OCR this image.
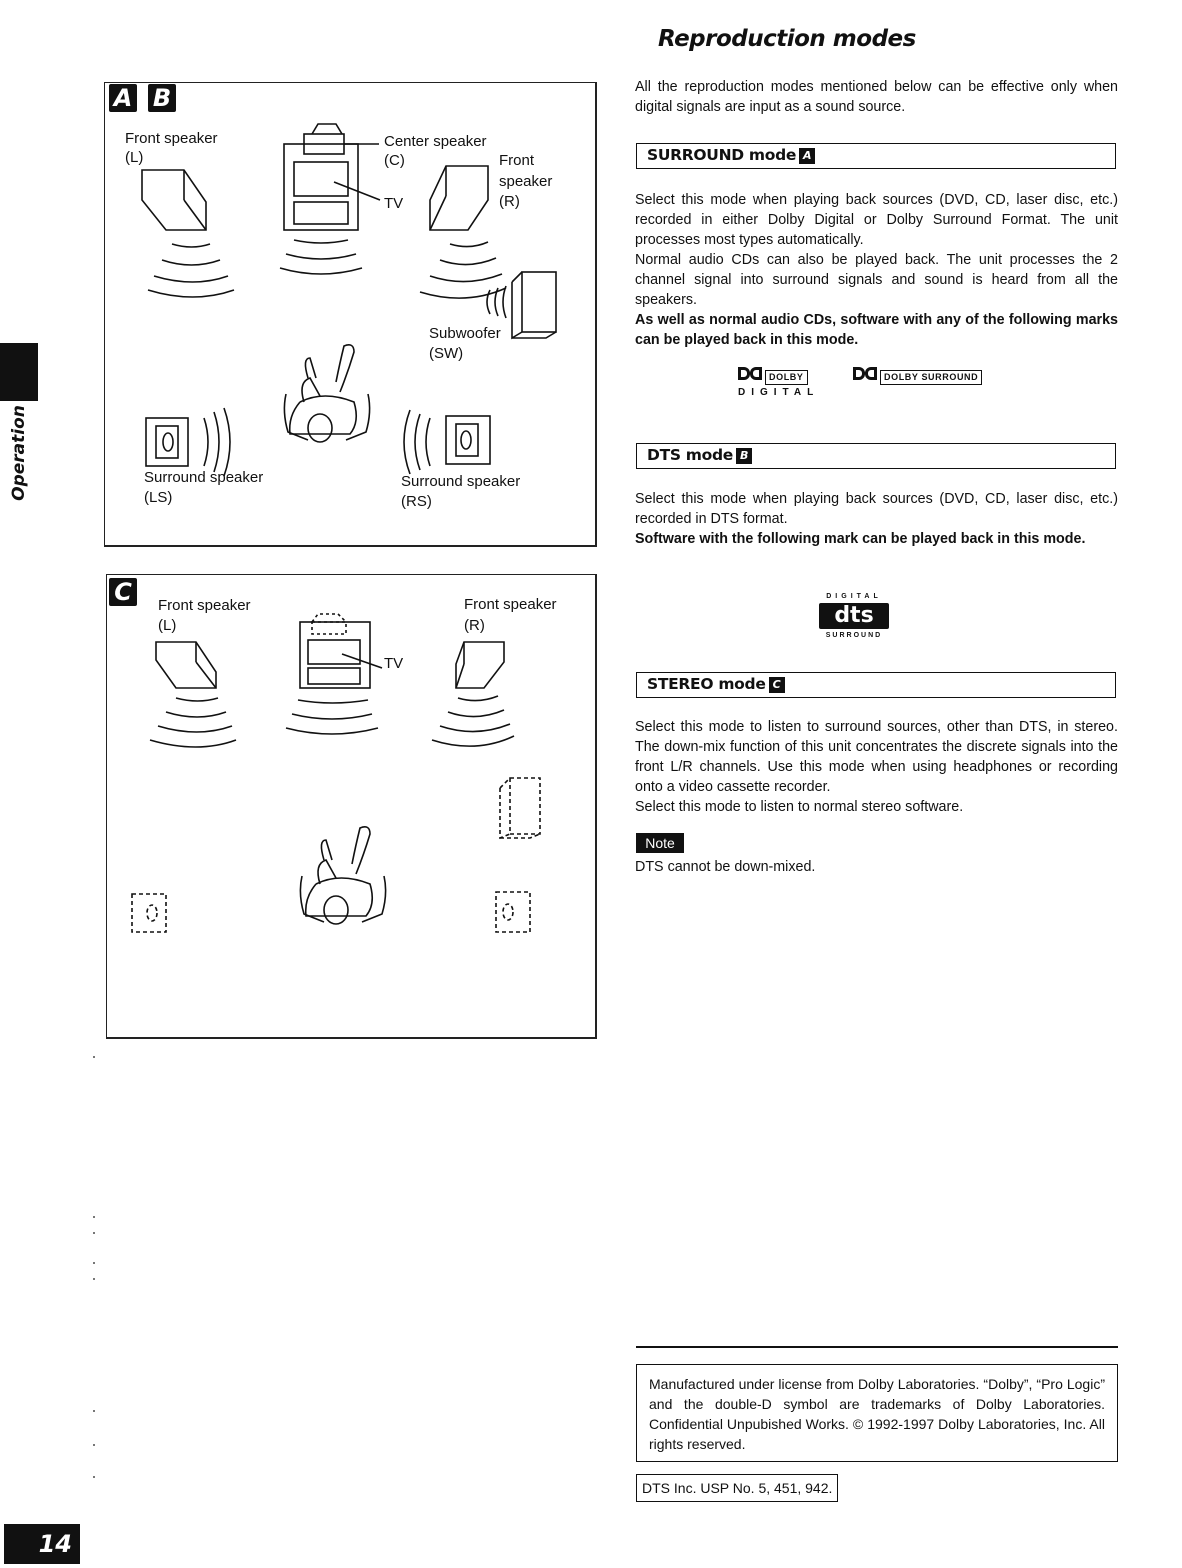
Operation
A B
Front speaker
(L)
Center speaker
(C)
TV
Front
speaker
(R)
Subwoofer
(SW)
Surround speaker
(LS)
Surround speaker
(RS)
C	Front speaker
(L)
Front speaker
(R)
TV
Reproduction modes

All the reproduction modes mentioned below can be effective only when digital signals are input as a sound source.

SURROUND mode A

Select this mode when playing back sources (DVD, CD, laser disc, etc.) recorded in either Dolby Digital or Dolby Surround Format. The unit processes most types automatically.

Normal audio CDs can also be played back. The unit processes the 2 channel signal into surround signals and sound is heard from all the speakers.

As well as normal audio CDs, software with any of the following marks can be played back in this mode.

DOLBY
DIGITAL
DOLBY SURROUND
DTS mode B

Select this mode when playing back sources (DVD, CD, laser disc, etc.) recorded in DTS format.

Software with the following mark can be played back in this mode.

DIGITAL
dts
SURROUND
STEREO mode C

Select this mode to listen to surround sources, other than DTS, in stereo. The down-mix function of this unit concentrates the discrete signals into the front L/R channels. Use this mode when using headphones or recording onto a video cassette recorder.

Select this mode to listen to normal stereo software.

Note

DTS cannot be down-mixed.

Manufactured under license from Dolby Laboratories. “Dolby”, “Pro Logic” and the double-D symbol are trademarks of Dolby Laboratories. Confidential Unpubished Works. © 1992-1997 Dolby Laboratories, Inc. All rights reserved.
DTS Inc. USP No. 5, 451, 942.
14
